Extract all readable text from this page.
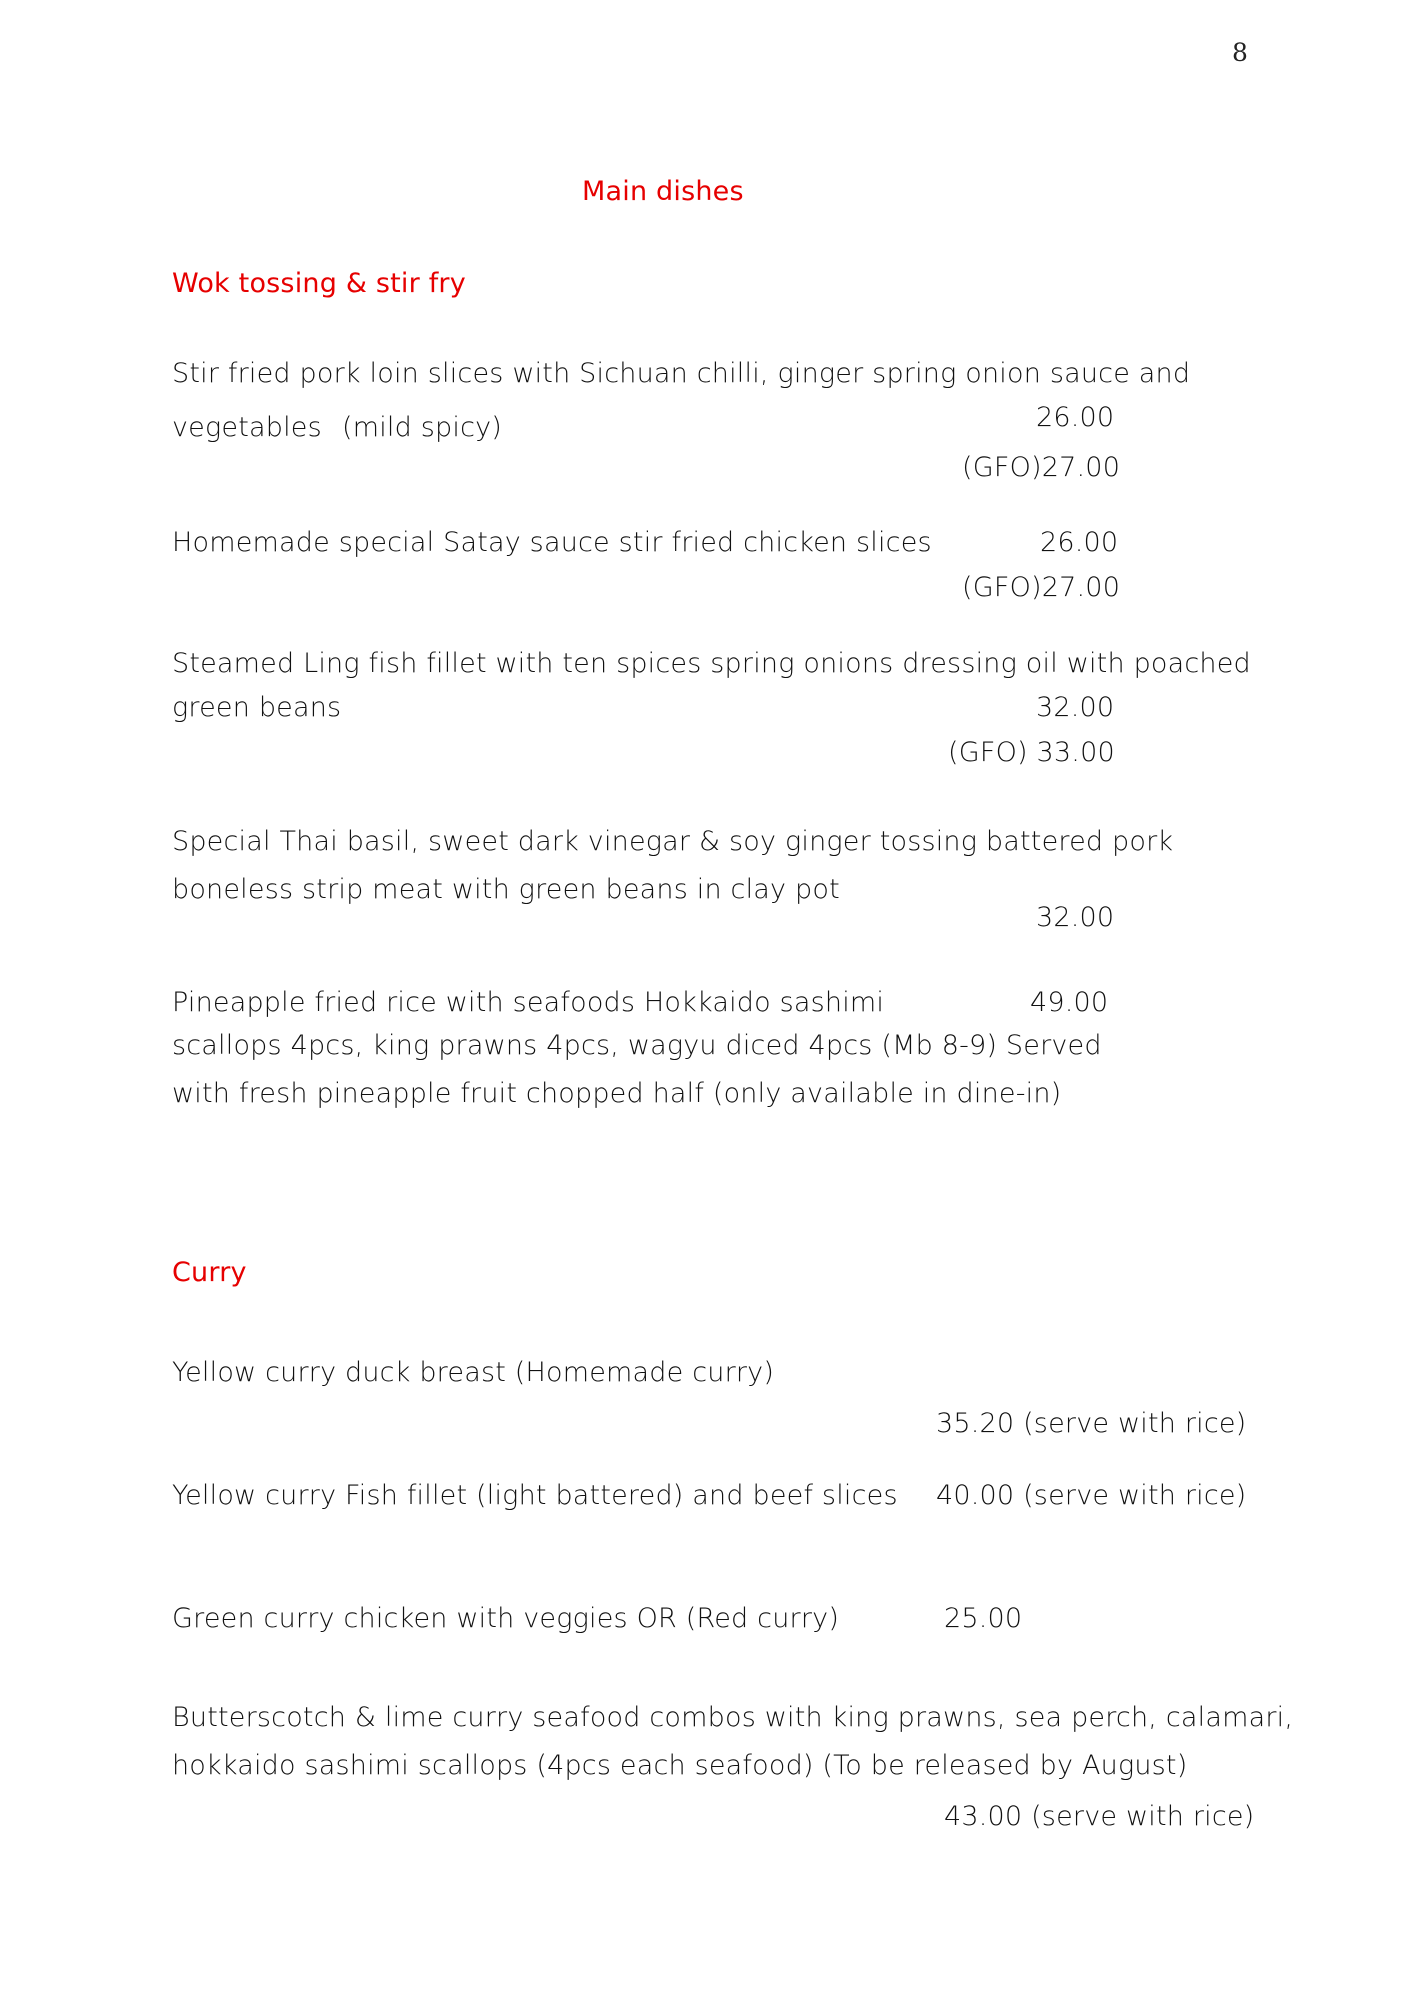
8
Main dishes
Wok tossing & stir fry
Stir fried pork loin slices with Sichuan chilli, ginger spring onion sauce and
vegetables (mild spicy)	26.00
(GFO)27.00
Homemade special Satay sauce stir fried chicken slices	26.00
(GFO)27.00
Steamed Ling fish fillet with ten spices spring onions dressing oil with poached
green beans	32.00
(GFO) 33.00
Special Thai basil, sweet dark vinegar & soy ginger tossing battered pork
boneless strip meat with green beans in clay pot
32.00
Pineapple fried rice with seafoods Hokkaido sashimi	49.00
scallops 4pcs, king prawns 4pcs, wagyu diced 4pcs (Mb 8-9) Served
with fresh pineapple fruit chopped half (only available in dine-in)
Curry
Yellow curry duck breast (Homemade curry)
35.20 (serve with rice)
Yellow curry Fish fillet (light battered) and beef slices 40.00 (serve with rice)
Green curry chicken with veggies OR (Red curry)	25.00
Butterscotch & lime curry seafood combos with king prawns, sea perch, calamari,
hokkaido sashimi scallops (4pcs each seafood) (To be released by August)
43.00 (serve with rice)
